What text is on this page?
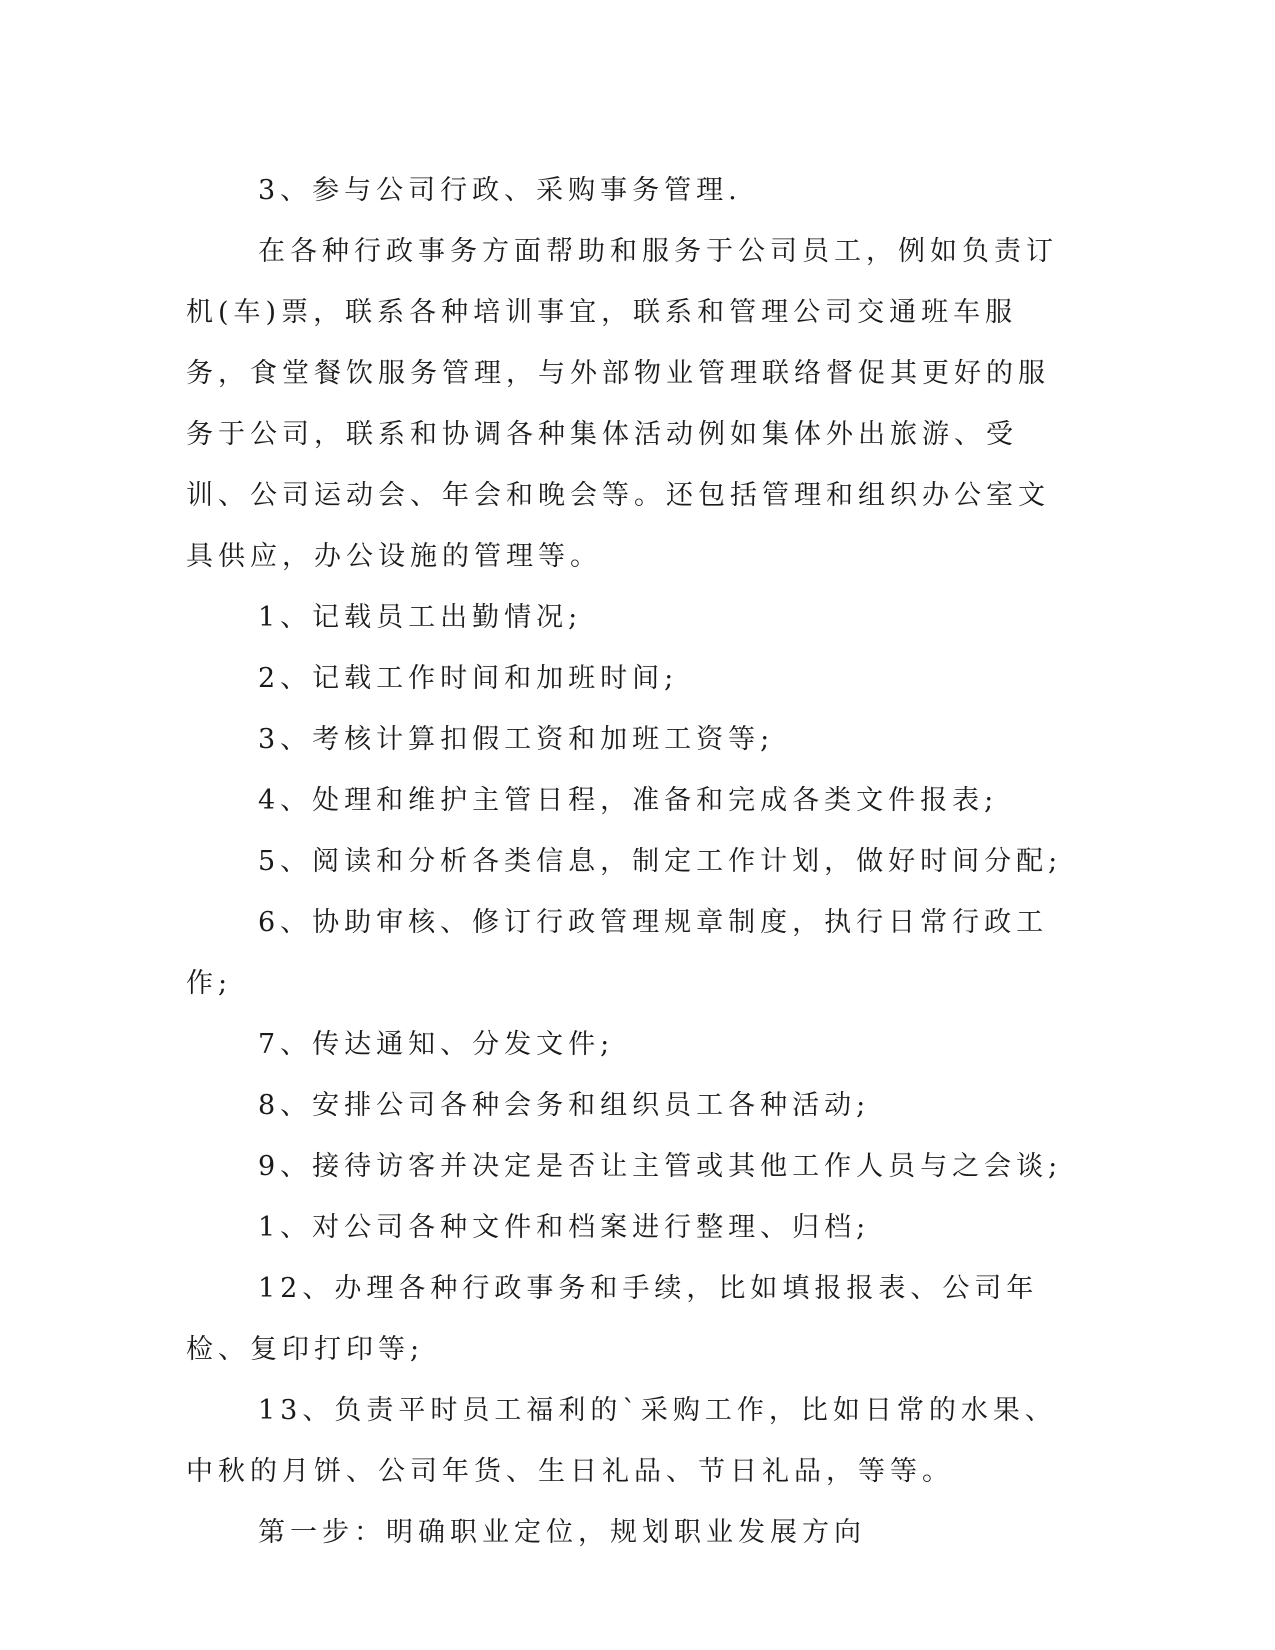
3、参与公司行政、采购事务管理.

在各种行政事务方面帮助和服务于公司员工，例如负责订机(车)票，联系各种培训事宜，联系和管理公司交通班车服务，食堂餐饮服务管理，与外部物业管理联络督促其更好的服务于公司，联系和协调各种集体活动例如集体外出旅游、受训、公司运动会、年会和晚会等。还包括管理和组织办公室文具供应，办公设施的管理等。

1、记载员工出勤情况;

2、记载工作时间和加班时间;

3、考核计算扣假工资和加班工资等;

4、处理和维护主管日程，准备和完成各类文件报表;

5、阅读和分析各类信息，制定工作计划，做好时间分配;

6、协助审核、修订行政管理规章制度，执行日常行政工作;

7、传达通知、分发文件;

8、安排公司各种会务和组织员工各种活动;

9、接待访客并决定是否让主管或其他工作人员与之会谈;

1、对公司各种文件和档案进行整理、归档;

12、办理各种行政事务和手续，比如填报报表、公司年检、复印打印等;

13、负责平时员工福利的`采购工作，比如日常的水果、中秋的月饼、公司年货、生日礼品、节日礼品，等等。

第一步：明确职业定位，规划职业发展方向
